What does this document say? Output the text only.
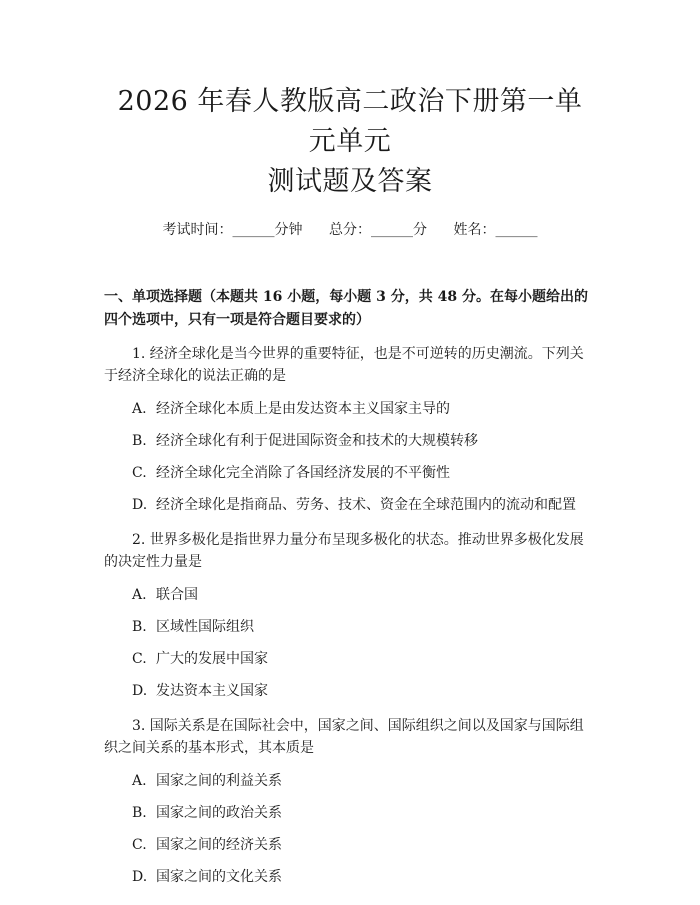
2026 年春人教版高二政治下册第一单元单元
测试题及答案
考试时间：______分钟 总分：______分 姓名：______
一、单项选择题（本题共 16 小题，每小题 3 分，共 48 分。在每小题给出的四个选项中，只有一项是符合题目要求的）
1. 经济全球化是当今世界的重要特征，也是不可逆转的历史潮流。下列关于经济全球化的说法正确的是
A. 经济全球化本质上是由发达资本主义国家主导的
B. 经济全球化有利于促进国际资金和技术的大规模转移
C. 经济全球化完全消除了各国经济发展的不平衡性
D. 经济全球化是指商品、劳务、技术、资金在全球范围内的流动和配置
2. 世界多极化是指世界力量分布呈现多极化的状态。推动世界多极化发展的决定性力量是
A. 联合国
B. 区域性国际组织
C. 广大的发展中国家
D. 发达资本主义国家
3. 国际关系是在国际社会中，国家之间、国际组织之间以及国家与国际组织之间关系的基本形式，其本质是
A. 国家之间的利益关系
B. 国家之间的政治关系
C. 国家之间的经济关系
D. 国家之间的文化关系
